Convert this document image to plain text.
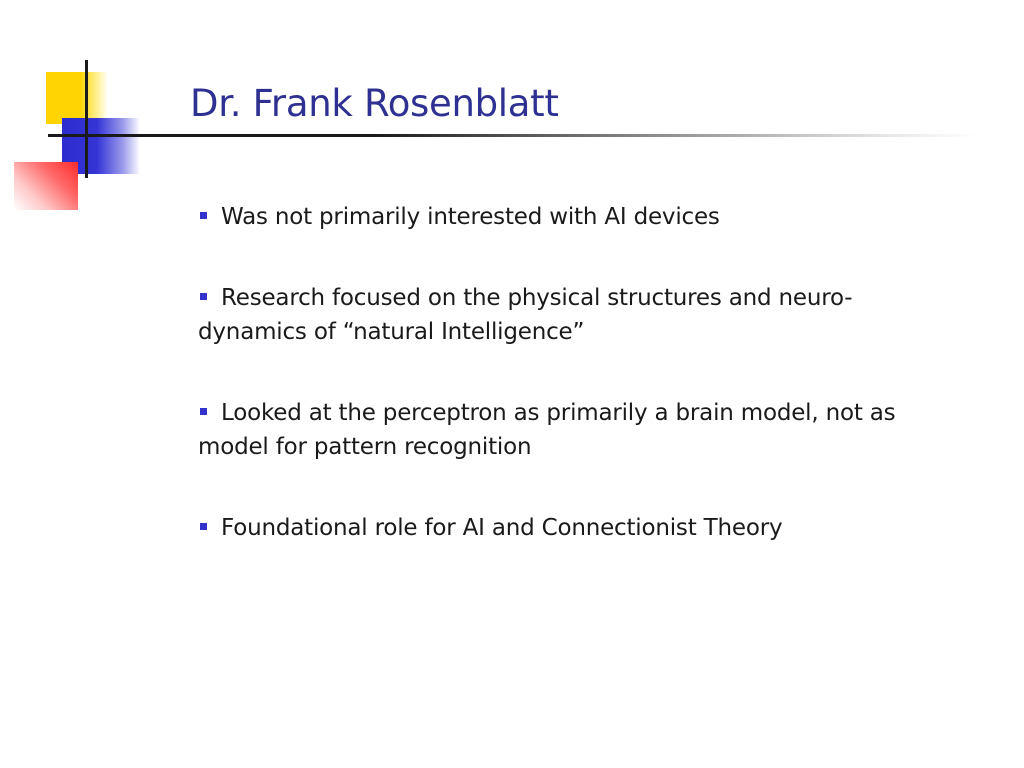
Dr. Frank Rosenblatt
Was not primarily interested with AI devices
Research focused on the physical structures and neuro-dynamics of “natural Intelligence”
Looked at the perceptron as primarily a brain model, not as model for pattern recognition
Foundational role for AI and Connectionist Theory
